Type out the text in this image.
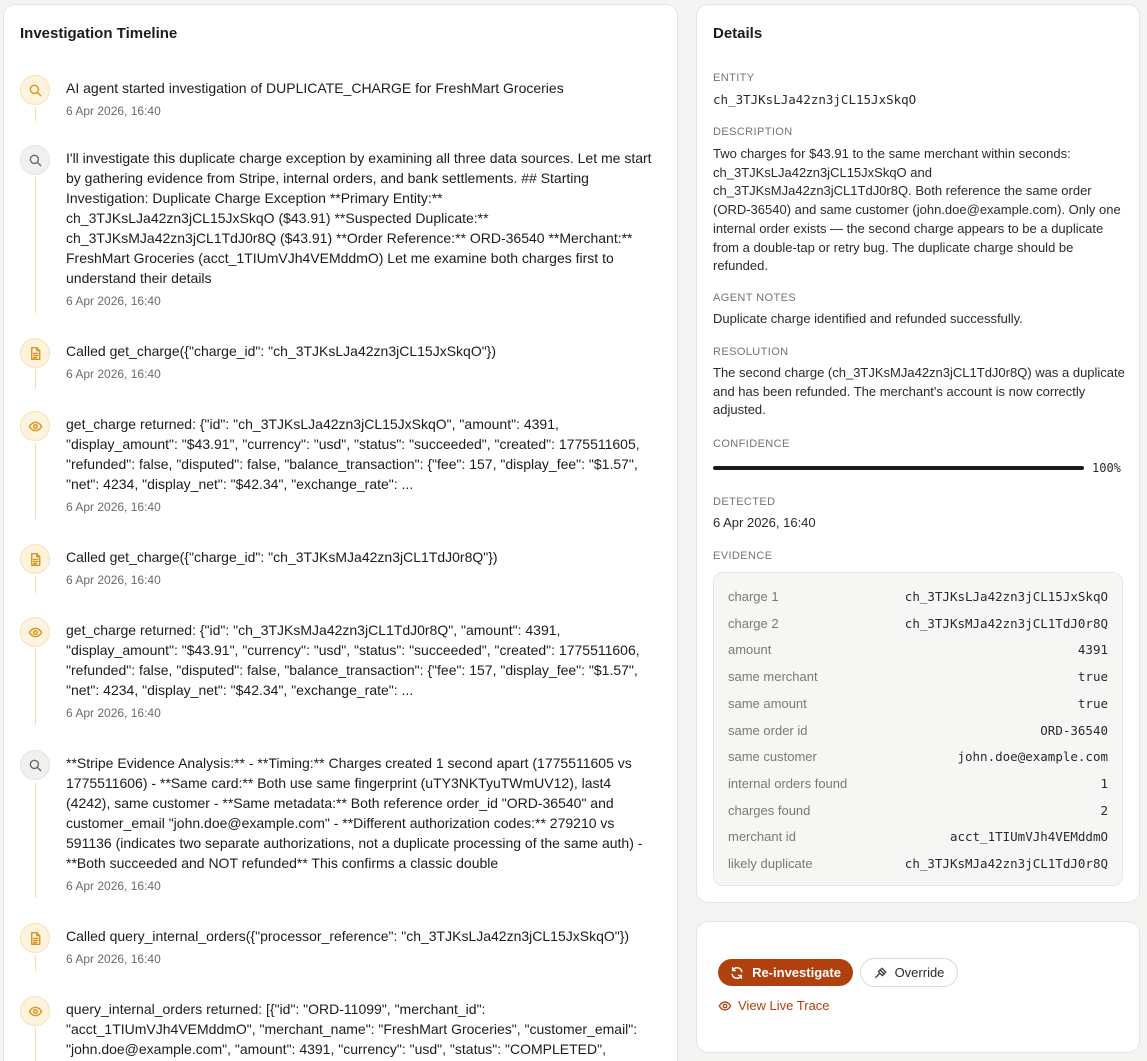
Investigation Timeline
AI agent started investigation of DUPLICATE_CHARGE for FreshMart Groceries
6 Apr 2026, 16:40
I'll investigate this duplicate charge exception by examining all three data sources. Let me start by gathering evidence from Stripe, internal orders, and bank settlements. ## Starting Investigation: Duplicate Charge Exception **Primary Entity:** ch_3TJKsLJa42zn3jCL15JxSkqO ($43.91) **Suspected Duplicate:** ch_3TJKsMJa42zn3jCL1TdJ0r8Q ($43.91) **Order Reference:** ORD-36540 **Merchant:** FreshMart Groceries (acct_1TIUmVJh4VEMddmO) Let me examine both charges first to understand their details
6 Apr 2026, 16:40
Called get_charge({"charge_id": "ch_3TJKsLJa42zn3jCL15JxSkqO"})
6 Apr 2026, 16:40
get_charge returned: {"id": "ch_3TJKsLJa42zn3jCL15JxSkqO", "amount": 4391, "display_amount": "$43.91", "currency": "usd", "status": "succeeded", "created": 1775511605, "refunded": false, "disputed": false, "balance_transaction": {"fee": 157, "display_fee": "$1.57", "net": 4234, "display_net": "$42.34", "exchange_rate": ...
6 Apr 2026, 16:40
Called get_charge({"charge_id": "ch_3TJKsMJa42zn3jCL1TdJ0r8Q"})
6 Apr 2026, 16:40
get_charge returned: {"id": "ch_3TJKsMJa42zn3jCL1TdJ0r8Q", "amount": 4391, "display_amount": "$43.91", "currency": "usd", "status": "succeeded", "created": 1775511606, "refunded": false, "disputed": false, "balance_transaction": {"fee": 157, "display_fee": "$1.57", "net": 4234, "display_net": "$42.34", "exchange_rate": ...
6 Apr 2026, 16:40
**Stripe Evidence Analysis:** - **Timing:** Charges created 1 second apart (1775511605 vs 1775511606) - **Same card:** Both use same fingerprint (uTY3NKTyuTWmUV12), last4 (4242), same customer - **Same metadata:** Both reference order_id "ORD-36540" and customer_email "john.doe@example.com" - **Different authorization codes:** 279210 vs 591136 (indicates two separate authorizations, not a duplicate processing of the same auth) - **Both succeeded and NOT refunded** This confirms a classic double
6 Apr 2026, 16:40
Called query_internal_orders({"processor_reference": "ch_3TJKsLJa42zn3jCL15JxSkqO"})
6 Apr 2026, 16:40
query_internal_orders returned: [{"id": "ORD-11099", "merchant_id": "acct_1TIUmVJh4VEMddmO", "merchant_name": "FreshMart Groceries", "customer_email": "john.doe@example.com", "amount": 4391, "currency": "usd", "status": "COMPLETED",
Details
ENTITY
ch_3TJKsLJa42zn3jCL15JxSkqO
DESCRIPTION
Two charges for $43.91 to the same merchant within seconds: ch_3TJKsLJa42zn3jCL15JxSkqO and ch_3TJKsMJa42zn3jCL1TdJ0r8Q. Both reference the same order (ORD-36540) and same customer (john.doe@example.com). Only one internal order exists — the second charge appears to be a duplicate from a double-tap or retry bug. The duplicate charge should be refunded.
AGENT NOTES
Duplicate charge identified and refunded successfully.
RESOLUTION
The second charge (ch_3TJKsMJa42zn3jCL1TdJ0r8Q) was a duplicate and has been refunded. The merchant's account is now correctly adjusted.
CONFIDENCE
100%
DETECTED
6 Apr 2026, 16:40
EVIDENCE
charge 1	ch_3TJKsLJa42zn3jCL15JxSkqO
charge 2	ch_3TJKsMJa42zn3jCL1TdJ0r8Q
amount	4391
same merchant	true
same amount	true
same order id	ORD-36540
same customer	john.doe@example.com
internal orders found	1
charges found	2
merchant id	acct_1TIUmVJh4VEMddmO
likely duplicate	ch_3TJKsMJa42zn3jCL1TdJ0r8Q
Re-investigate	Override
View Live Trace
